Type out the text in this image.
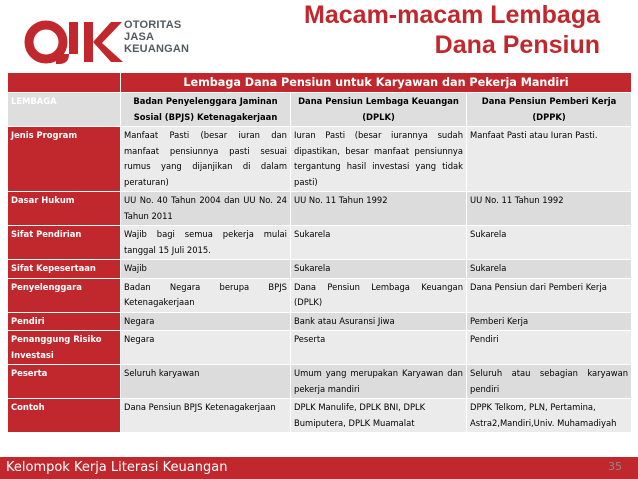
OTORITAS
JASA
KEUANGAN
Macam-macam Lembaga
Dana Pensiun
	Lembaga Dana Pensiun untuk Karyawan dan Pekerja Mandiri		
LEMBAGA	Badan Penyelenggara Jaminan Sosial (BPJS) Ketenagakerjaan	Dana Pensiun Lembaga Keuangan (DPLK)	Dana Pensiun Pemberi Kerja (DPPK)
Jenis Program	Manfaat Pasti (besar iuran dan manfaat pensiunnya pasti sesuai rumus yang dijanjikan di dalam peraturan)	Iuran Pasti (besar iurannya sudah dipastikan, besar manfaat pensiunnya tergantung hasil investasi yang tidak pasti)	Manfaat Pasti atau Iuran Pasti.
Dasar Hukum	UU No. 40 Tahun 2004 dan UU No. 24 Tahun 2011	UU No. 11 Tahun 1992	UU No. 11 Tahun 1992
Sifat Pendirian	Wajib bagi semua pekerja mulai tanggal 15 Juli 2015.	Sukarela	Sukarela
Sifat Kepesertaan	Wajib	Sukarela	Sukarela
Penyelenggara	Badan Negara berupa BPJS Ketenagakerjaan	Dana Pensiun Lembaga Keuangan (DPLK)	Dana Pensiun dari Pemberi Kerja
Pendiri	Negara	Bank atau Asuransi Jiwa	Pemberi Kerja
Penanggung Risiko Investasi	Negara	Peserta	Pendiri
Peserta	Seluruh karyawan	Umum yang merupakan Karyawan dan pekerja mandiri	Seluruh atau sebagian karyawan pendiri
Contoh	Dana Pensiun BPJS Ketenagakerjaan	DPLK Manulife, DPLK BNI, DPLK Bumiputera, DPLK Muamalat	DPPK Telkom, PLN, Pertamina, Astra2,Mandiri,Univ. Muhamadiyah
Kelompok Kerja Literasi Keuangan	35
